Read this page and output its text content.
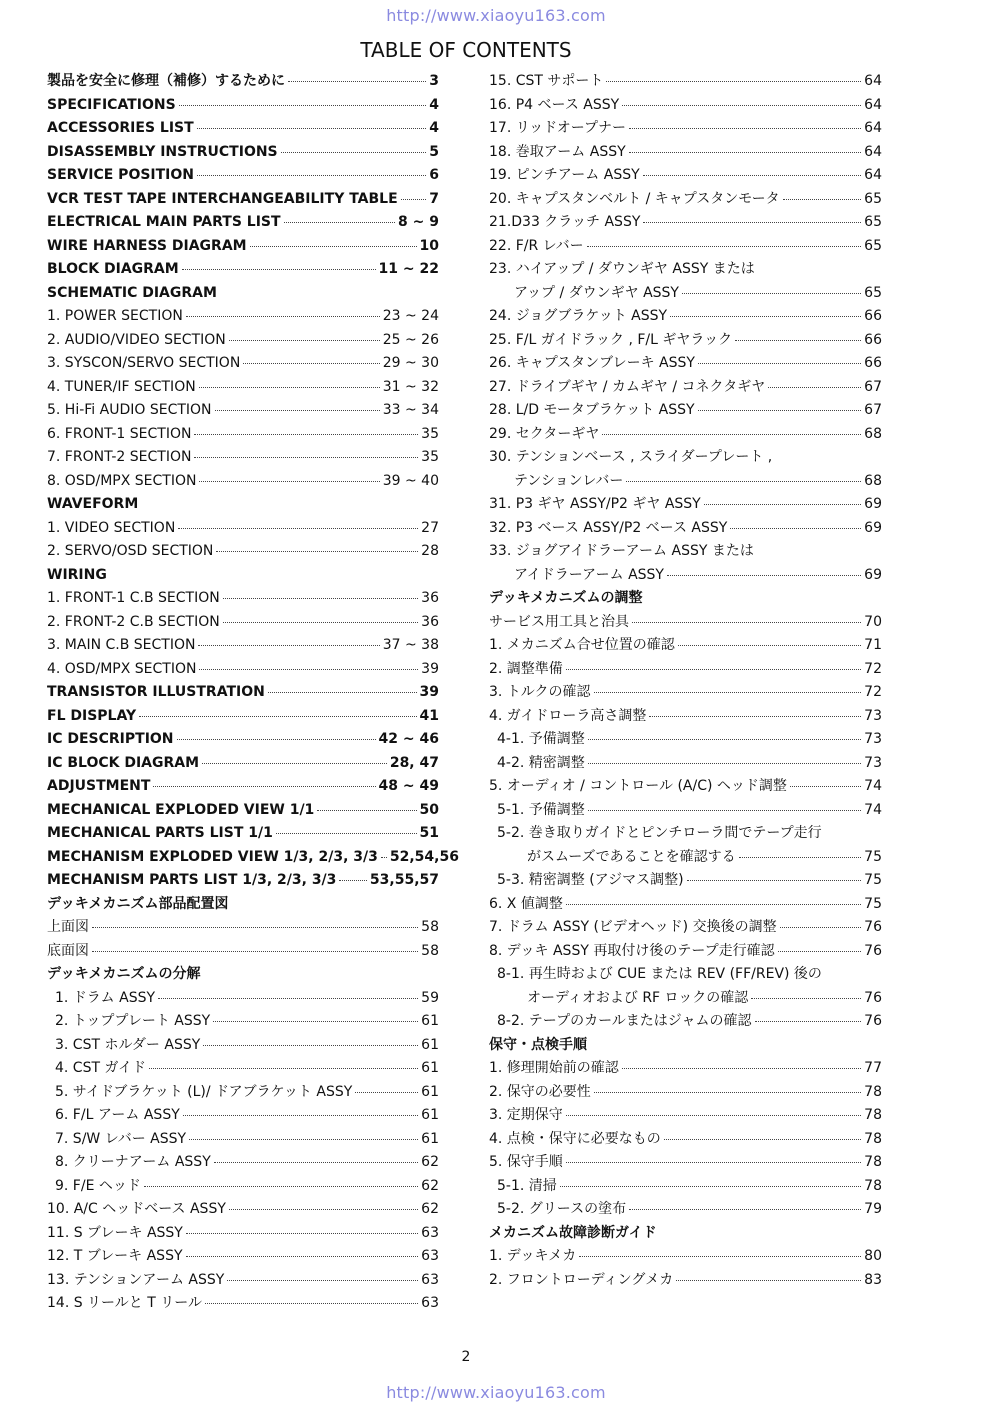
http://www.xiaoyu163.com
TABLE OF CONTENTS
製品を安全に修理（補修）するために	3
SPECIFICATIONS	4
ACCESSORIES LIST	4
DISASSEMBLY INSTRUCTIONS	5
SERVICE POSITION	6
VCR TEST TAPE INTERCHANGEABILITY TABLE 7
ELECTRICAL MAIN PARTS LIST	8 ~ 9
WIRE HARNESS DIAGRAM	10
BLOCK DIAGRAM	11 ~ 22
SCHEMATIC DIAGRAM
1. POWER SECTION	23 ~ 24
2. AUDIO/VIDEO SECTION	25 ~ 26
3. SYSCON/SERVO SECTION	29 ~ 30
4. TUNER/IF SECTION	31 ~ 32
5. Hi-Fi AUDIO SECTION	33 ~ 34
6. FRONT-1 SECTION	35
7. FRONT-2 SECTION	35
8. OSD/MPX SECTION	39 ~ 40
WAVEFORM
1. VIDEO SECTION	27
2. SERVO/OSD SECTION	28
WIRING
1. FRONT-1 C.B SECTION	36
2. FRONT-2 C.B SECTION	36
3. MAIN C.B SECTION	37 ~ 38
4. OSD/MPX SECTION	39
TRANSISTOR ILLUSTRATION	39
FL DISPLAY	41
IC DESCRIPTION	42 ~ 46
IC BLOCK DIAGRAM	28, 47
ADJUSTMENT	48 ~ 49
MECHANICAL EXPLODED VIEW 1/1	50
MECHANICAL PARTS LIST 1/1	51
MECHANISM EXPLODED VIEW 1/3, 2/3, 3/3 52,54,56
MECHANISM PARTS LIST 1/3, 2/3, 3/3 53,55,57
デッキメカニズム部品配置図
上面図	58
底面図	58
デッキメカニズムの分解
1. ドラム ASSY	59
2. トッププレート ASSY	61
3. CST ホルダー ASSY	61
4. CST ガイド	61
5. サイドブラケット (L)/ ドアブラケット ASSY	61
6. F/L アーム ASSY	61
7. S/W レバー ASSY	61
8. クリーナアーム ASSY	62
9. F/E ヘッド	62
10. A/C ヘッドベース ASSY	62
11. S ブレーキ ASSY	63
12. T ブレーキ ASSY	63
13. テンションアーム ASSY	63
14. S リールと T リール	63
15. CST サポート	64
16. P4 ベース ASSY	64
17. リッドオープナー	64
18. 巻取アーム ASSY	64
19. ピンチアーム ASSY	64
20. キャプスタンベルト / キャプスタンモータ	65
21.D33 クラッチ ASSY	65
22. F/R レバー	65
23. ハイアップ / ダウンギヤ ASSY または
アップ / ダウンギヤ ASSY	65
24. ジョグブラケット ASSY	66
25. F/L ガイドラック , F/L ギヤラック	66
26. キャプスタンブレーキ ASSY	66
27. ドライブギヤ / カムギヤ / コネクタギヤ	67
28. L/D モータブラケット ASSY	67
29. セクターギヤ	68
30. テンションベース , スライダープレート ,
テンションレバー	68
31. P3 ギヤ ASSY/P2 ギヤ ASSY	69
32. P3 ベース ASSY/P2 ベース ASSY	69
33. ジョグアイドラーアーム ASSY または
アイドラーアーム ASSY	69
デッキメカニズムの調整
サービス用工具と治具	70
1. メカニズム合せ位置の確認	71
2. 調整準備	72
3. トルクの確認	72
4. ガイドローラ高さ調整	73
4-1. 予備調整	73
4-2. 精密調整	73
5. オーディオ / コントロール (A/C) ヘッド調整	74
5-1. 予備調整	74
5-2. 巻き取りガイドとピンチローラ間でテープ走行
がスムーズであることを確認する	75
5-3. 精密調整 (アジマス調整)	75
6. X 値調整	75
7. ドラム ASSY (ビデオヘッド) 交換後の調整	76
8. デッキ ASSY 再取付け後のテープ走行確認	76
8-1. 再生時および CUE または REV (FF/REV) 後の
オーディオおよび RF ロックの確認	76
8-2. テープのカールまたはジャムの確認	76
保守・点検手順
1. 修理開始前の確認	77
2. 保守の必要性	78
3. 定期保守	78
4. 点検・保守に必要なもの	78
5. 保守手順	78
5-1. 清掃	78
5-2. グリースの塗布	79
メカニズム故障診断ガイド
1. デッキメカ	80
2. フロントローディングメカ	83
2
http://www.xiaoyu163.com
